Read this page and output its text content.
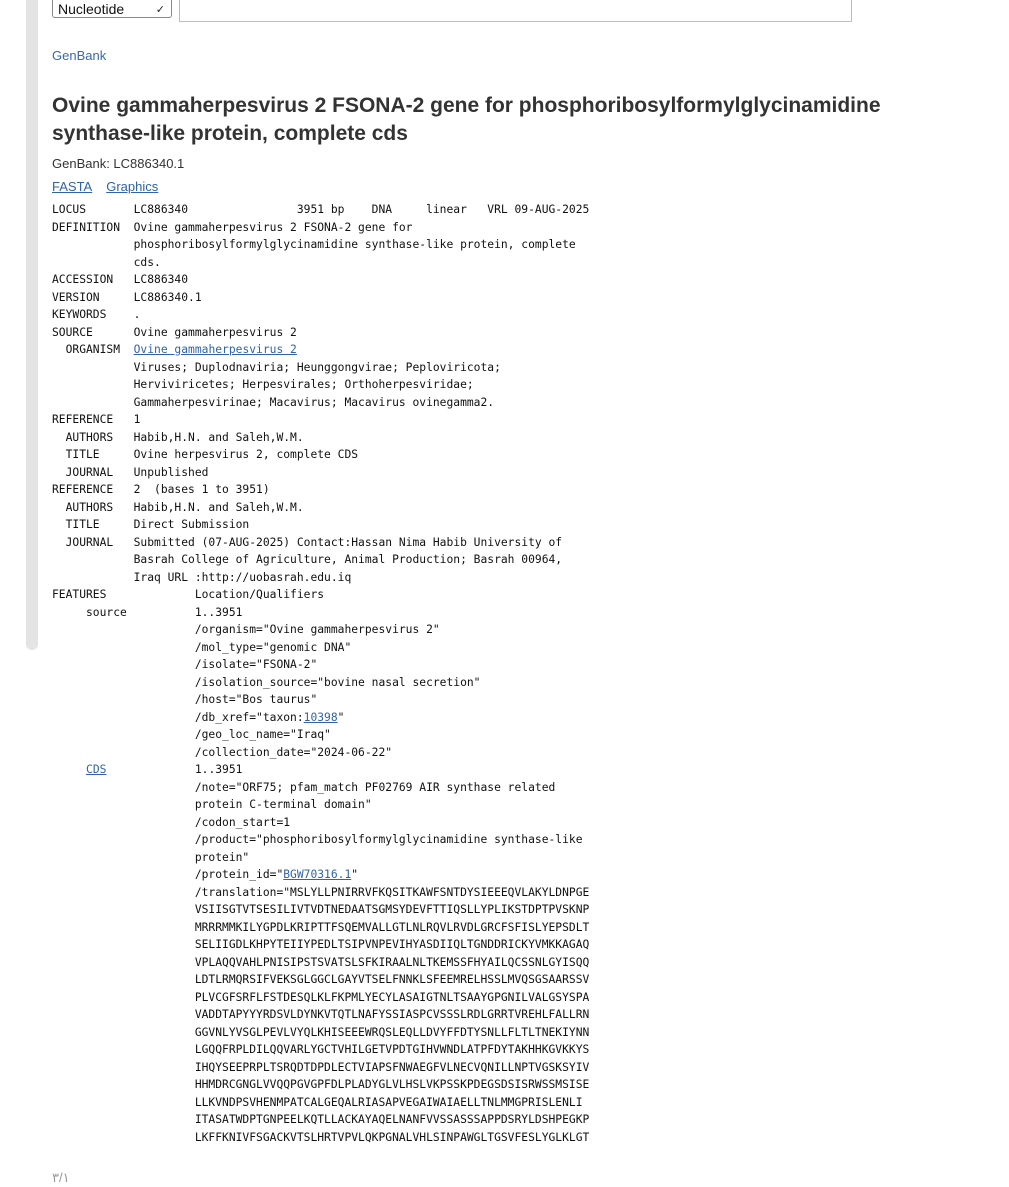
Nucleotide	✓
GenBank
Ovine gammaherpesvirus 2 FSONA-2 gene for phosphoribosylformylglycinamidine synthase-like protein, complete cds
GenBank: LC886340.1
FASTA Graphics
LOCUS       LC886340                3951 bp    DNA     linear   VRL 09-AUG-2025
DEFINITION  Ovine gammaherpesvirus 2 FSONA-2 gene for
phosphoribosylformylglycinamidine synthase-like protein, complete
cds.
ACCESSION   LC886340
VERSION     LC886340.1
KEYWORDS    .
SOURCE      Ovine gammaherpesvirus 2
ORGANISM  Ovine gammaherpesvirus 2
Viruses; Duplodnaviria; Heunggongvirae; Peploviricota;
Herviviricetes; Herpesvirales; Orthoherpesviridae;
Gammaherpesvirinae; Macavirus; Macavirus ovinegamma2.
REFERENCE   1
AUTHORS   Habib,H.N. and Saleh,W.M.
TITLE     Ovine herpesvirus 2, complete CDS
JOURNAL   Unpublished
REFERENCE   2  (bases 1 to 3951)
AUTHORS   Habib,H.N. and Saleh,W.M.
TITLE     Direct Submission
JOURNAL   Submitted (07-AUG-2025) Contact:Hassan Nima Habib University of
Basrah College of Agriculture, Animal Production; Basrah 00964,
Iraq URL :http://uobasrah.edu.iq
FEATURES             Location/Qualifiers
source          1..3951
/organism="Ovine gammaherpesvirus 2"
/mol_type="genomic DNA"
/isolate="FSONA-2"
/isolation_source="bovine nasal secretion"
/host="Bos taurus"
/db_xref="taxon:10398"
/geo_loc_name="Iraq"
/collection_date="2024-06-22"
CDS	1..3951
/note="ORF75; pfam_match PF02769 AIR synthase related
protein C-terminal domain"
/codon_start=1
/product="phosphoribosylformylglycinamidine synthase-like
protein"
/protein_id="BGW70316.1"
/translation="MSLYLLPNIRRVFKQSITKAWFSNTDYSIEEEQVLAKYLDNPGE
VSIISGTVTSESILIVTVDTNEDAATSGMSYDEVFTTIQSLLYPLIKSTDPTPVSKNP
MRRRMMKILYGPDLKRIPTTFSQEMVALLGTLNLRQVLRVDLGRCFSFISLYEPSDLT
SELIIGDLKHPYTEIIYPEDLTSIPVNPEVIHYASDIIQLTGNDDRICKYVMKKAGAQ
VPLAQQVAHLPNISIPSTSVATSLSFKIRAALNLTKEMSSFHYAILQCSSNLGYISQQ
LDTLRMQRSIFVEKSGLGGCLGAYVTSELFNNKLSFEEMRELHSSLMVQSGSAARSSV
PLVCGFSRFLFSTDESQLKLFKPMLYECYLASAIGTNLTSAAYGPGNILVALGSYSPA
VADDTAPYYYRDSVLDYNKVTQTLNAFYSSIASPCVSSSLRDLGRRTVREHLFALLRN
GGVNLYVSGLPEVLVYQLKHISEEEWRQSLEQLLDVYFFDTYSNLLFLTLTNEKIYNN
LGQQFRPLDILQQVARLYGCTVHILGETVPDTGIHVWNDLATPFDYTAKHHKGVKKYS
IHQYSEEPRPLTSRQDTDPDLECTVIAPSFNWAEGFVLNECVQNILLNPTVGSKSYIV
HHMDRCGNGLVVQQPGVGPFDLPLADYGLVLHSLVKPSSKPDEGSDSISRWSSMSISE
LLKVNDPSVHENMPATCALGEQALRIASAPVEGAIWAIAELLTNLMMGPRISLENLI
ITASATWDPTGNPEELKQTLLACKAYAQELNANFVVSSASSSAPPDSRYLDSHPEGKP
LKFFKNIVFSGACKVTSLHRTVPVLQKPGNALVHLSINPAWGLTGSVFESLYGLKLGT
٣/١
